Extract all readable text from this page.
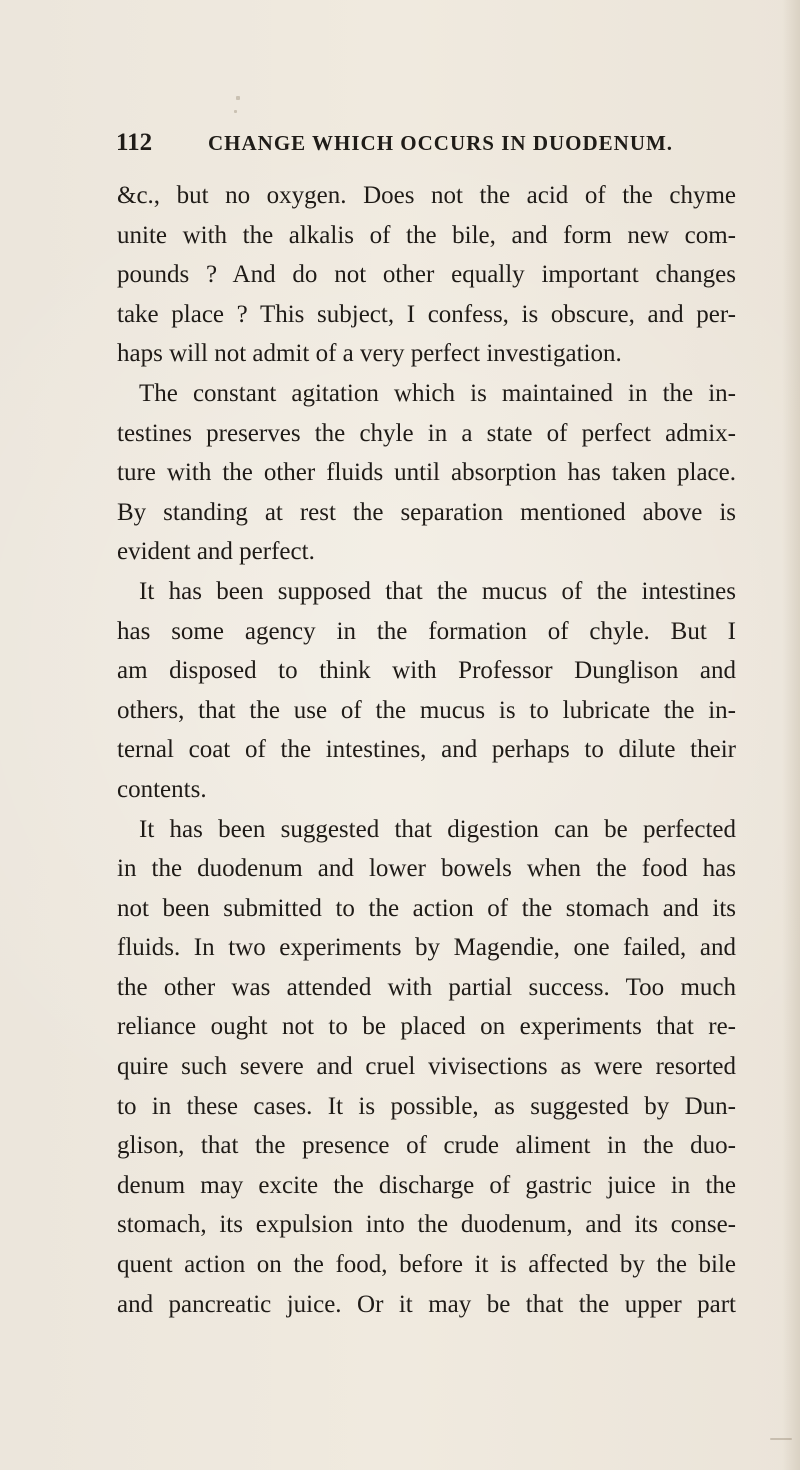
112	CHANGE WHICH OCCURS IN DUODENUM.
&c., but no oxygen. Does not the acid of the chyme
unite with the alkalis of the bile, and form new com-
pounds ? And do not other equally important changes
take place ? This subject, I confess, is obscure, and per-
haps will not admit of a very perfect investigation.
The constant agitation which is maintained in the in-
testines preserves the chyle in a state of perfect admix-
ture with the other fluids until absorption has taken place.
By standing at rest the separation mentioned above is
evident and perfect.
It has been supposed that the mucus of the intestines
has some agency in the formation of chyle. But I
am disposed to think with Professor Dunglison and
others, that the use of the mucus is to lubricate the in-
ternal coat of the intestines, and perhaps to dilute their
contents.
It has been suggested that digestion can be perfected
in the duodenum and lower bowels when the food has
not been submitted to the action of the stomach and its
fluids. In two experiments by Magendie, one failed, and
the other was attended with partial success. Too much
reliance ought not to be placed on experiments that re-
quire such severe and cruel vivisections as were resorted
to in these cases. It is possible, as suggested by Dun-
glison, that the presence of crude aliment in the duo-
denum may excite the discharge of gastric juice in the
stomach, its expulsion into the duodenum, and its conse-
quent action on the food, before it is affected by the bile
and pancreatic juice. Or it may be that the upper part
